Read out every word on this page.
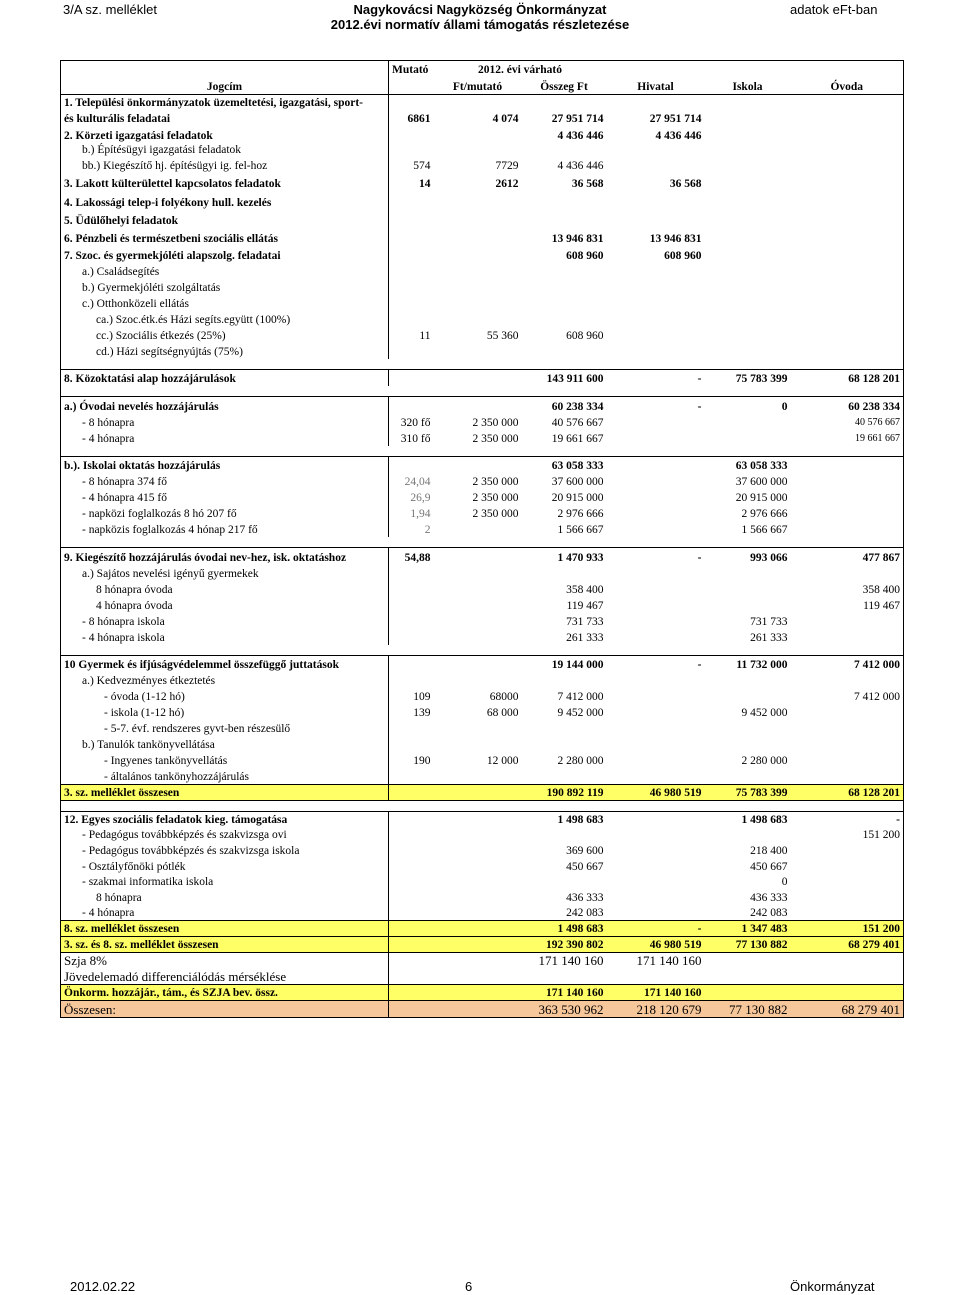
3/A sz. melléklet	Nagykovácsi Nagyközség Önkormányzat
2012.évi normatív állami támogatás részletezése
adatok eFt-ban
	Mutató	2012. évi várható				
Jogcím		Ft/mutató	Összeg Ft	Hivatal	Iskola	Óvoda
1. Települési önkormányzatok üzemeltetési, igazgatási, sport-						
és kulturális feladatai	6861	4 074	27 951 714	27 951 714		
2. Körzeti igazgatási feladatok			4 436 446	4 436 446		
b.) Építésügyi igazgatási feladatok						
bb.) Kiegészítő hj. építésügyi ig. fel-hoz	574	7729	4 436 446			
3. Lakott külterülettel kapcsolatos feladatok	14	2612	36 568	36 568		
4. Lakossági telep-i folyékony hull. kezelés						
5. Üdülőhelyi feladatok						
6. Pénzbeli és természetbeni szociális ellátás			13 946 831	13 946 831		
7. Szoc. és gyermekjóléti alapszolg. feladatai			608 960	608 960		
a.) Családsegítés						
b.) Gyermekjóléti szolgáltatás						
c.) Otthonközeli ellátás						
ca.) Szoc.étk.és Házi segíts.együtt (100%)						
cc.) Szociális étkezés (25%)	11	55 360	608 960			
cd.) Házi segítségnyújtás (75%)						

8. Közoktatási alap hozzájárulások			143 911 600	-	75 783 399	68 128 201

a.) Óvodai nevelés hozzájárulás			60 238 334	-	0	60 238 334
- 8 hónapra	320 fő	2 350 000	40 576 667			40 576 667
- 4 hónapra	310 fő	2 350 000	19 661 667			19 661 667

b.). Iskolai oktatás hozzájárulás			63 058 333		63 058 333	
- 8 hónapra 374 fő	24,04	2 350 000	37 600 000		37 600 000	
- 4 hónapra 415 fő	26,9	2 350 000	20 915 000		20 915 000	
- napközi foglalkozás 8 hó 207 fő	1,94	2 350 000	2 976 666		2 976 666	
- napközis foglalkozás 4 hónap 217 fő	2		1 566 667		1 566 667	

9. Kiegészítő hozzájárulás óvodai nev-hez, isk. oktatáshoz	54,88		1 470 933	-	993 066	477 867
a.) Sajátos nevelési igényű gyermekek						
8 hónapra óvoda			358 400			358 400
4 hónapra óvoda			119 467			119 467
- 8 hónapra iskola			731 733		731 733	
- 4 hónapra iskola			261 333		261 333	

10 Gyermek és ifjúságvédelemmel összefüggő juttatások			19 144 000	-	11 732 000	7 412 000
a.) Kedvezményes étkeztetés						
- óvoda (1-12 hó)	109	68000	7 412 000			7 412 000
- iskola (1-12 hó)	139	68 000	9 452 000		9 452 000	
- 5-7. évf. rendszeres gyvt-ben részesülő						
b.) Tanulók tankönyvellátása						
- Ingyenes tankönyvellátás	190	12 000	2 280 000		2 280 000	
- általános tankönyhozzájárulás						
3. sz. melléklet összesen			190 892 119	46 980 519	75 783 399	68 128 201

12. Egyes szociális feladatok kieg. támogatása			1 498 683		1 498 683	-
- Pedagógus továbbképzés és szakvizsga ovi						151 200
- Pedagógus továbbképzés és szakvizsga iskola			369 600		218 400	
- Osztályfőnöki pótlék			450 667		450 667	
- szakmai informatika iskola					0	
8 hónapra			436 333		436 333	
- 4 hónapra			242 083		242 083	
8. sz. melléklet összesen			1 498 683	-	1 347 483	151 200
3. sz. és 8. sz. melléklet összesen			192 390 802	46 980 519	77 130 882	68 279 401
Szja 8%			171 140 160	171 140 160		
Jövedelemadó differenciálódás mérséklése						
Önkorm. hozzájár., tám., és SZJA bev. össz.			171 140 160	171 140 160		
Összesen:			363 530 962	218 120 679	77 130 882	68 279 401
2012.02.22	6	Önkormányzat
